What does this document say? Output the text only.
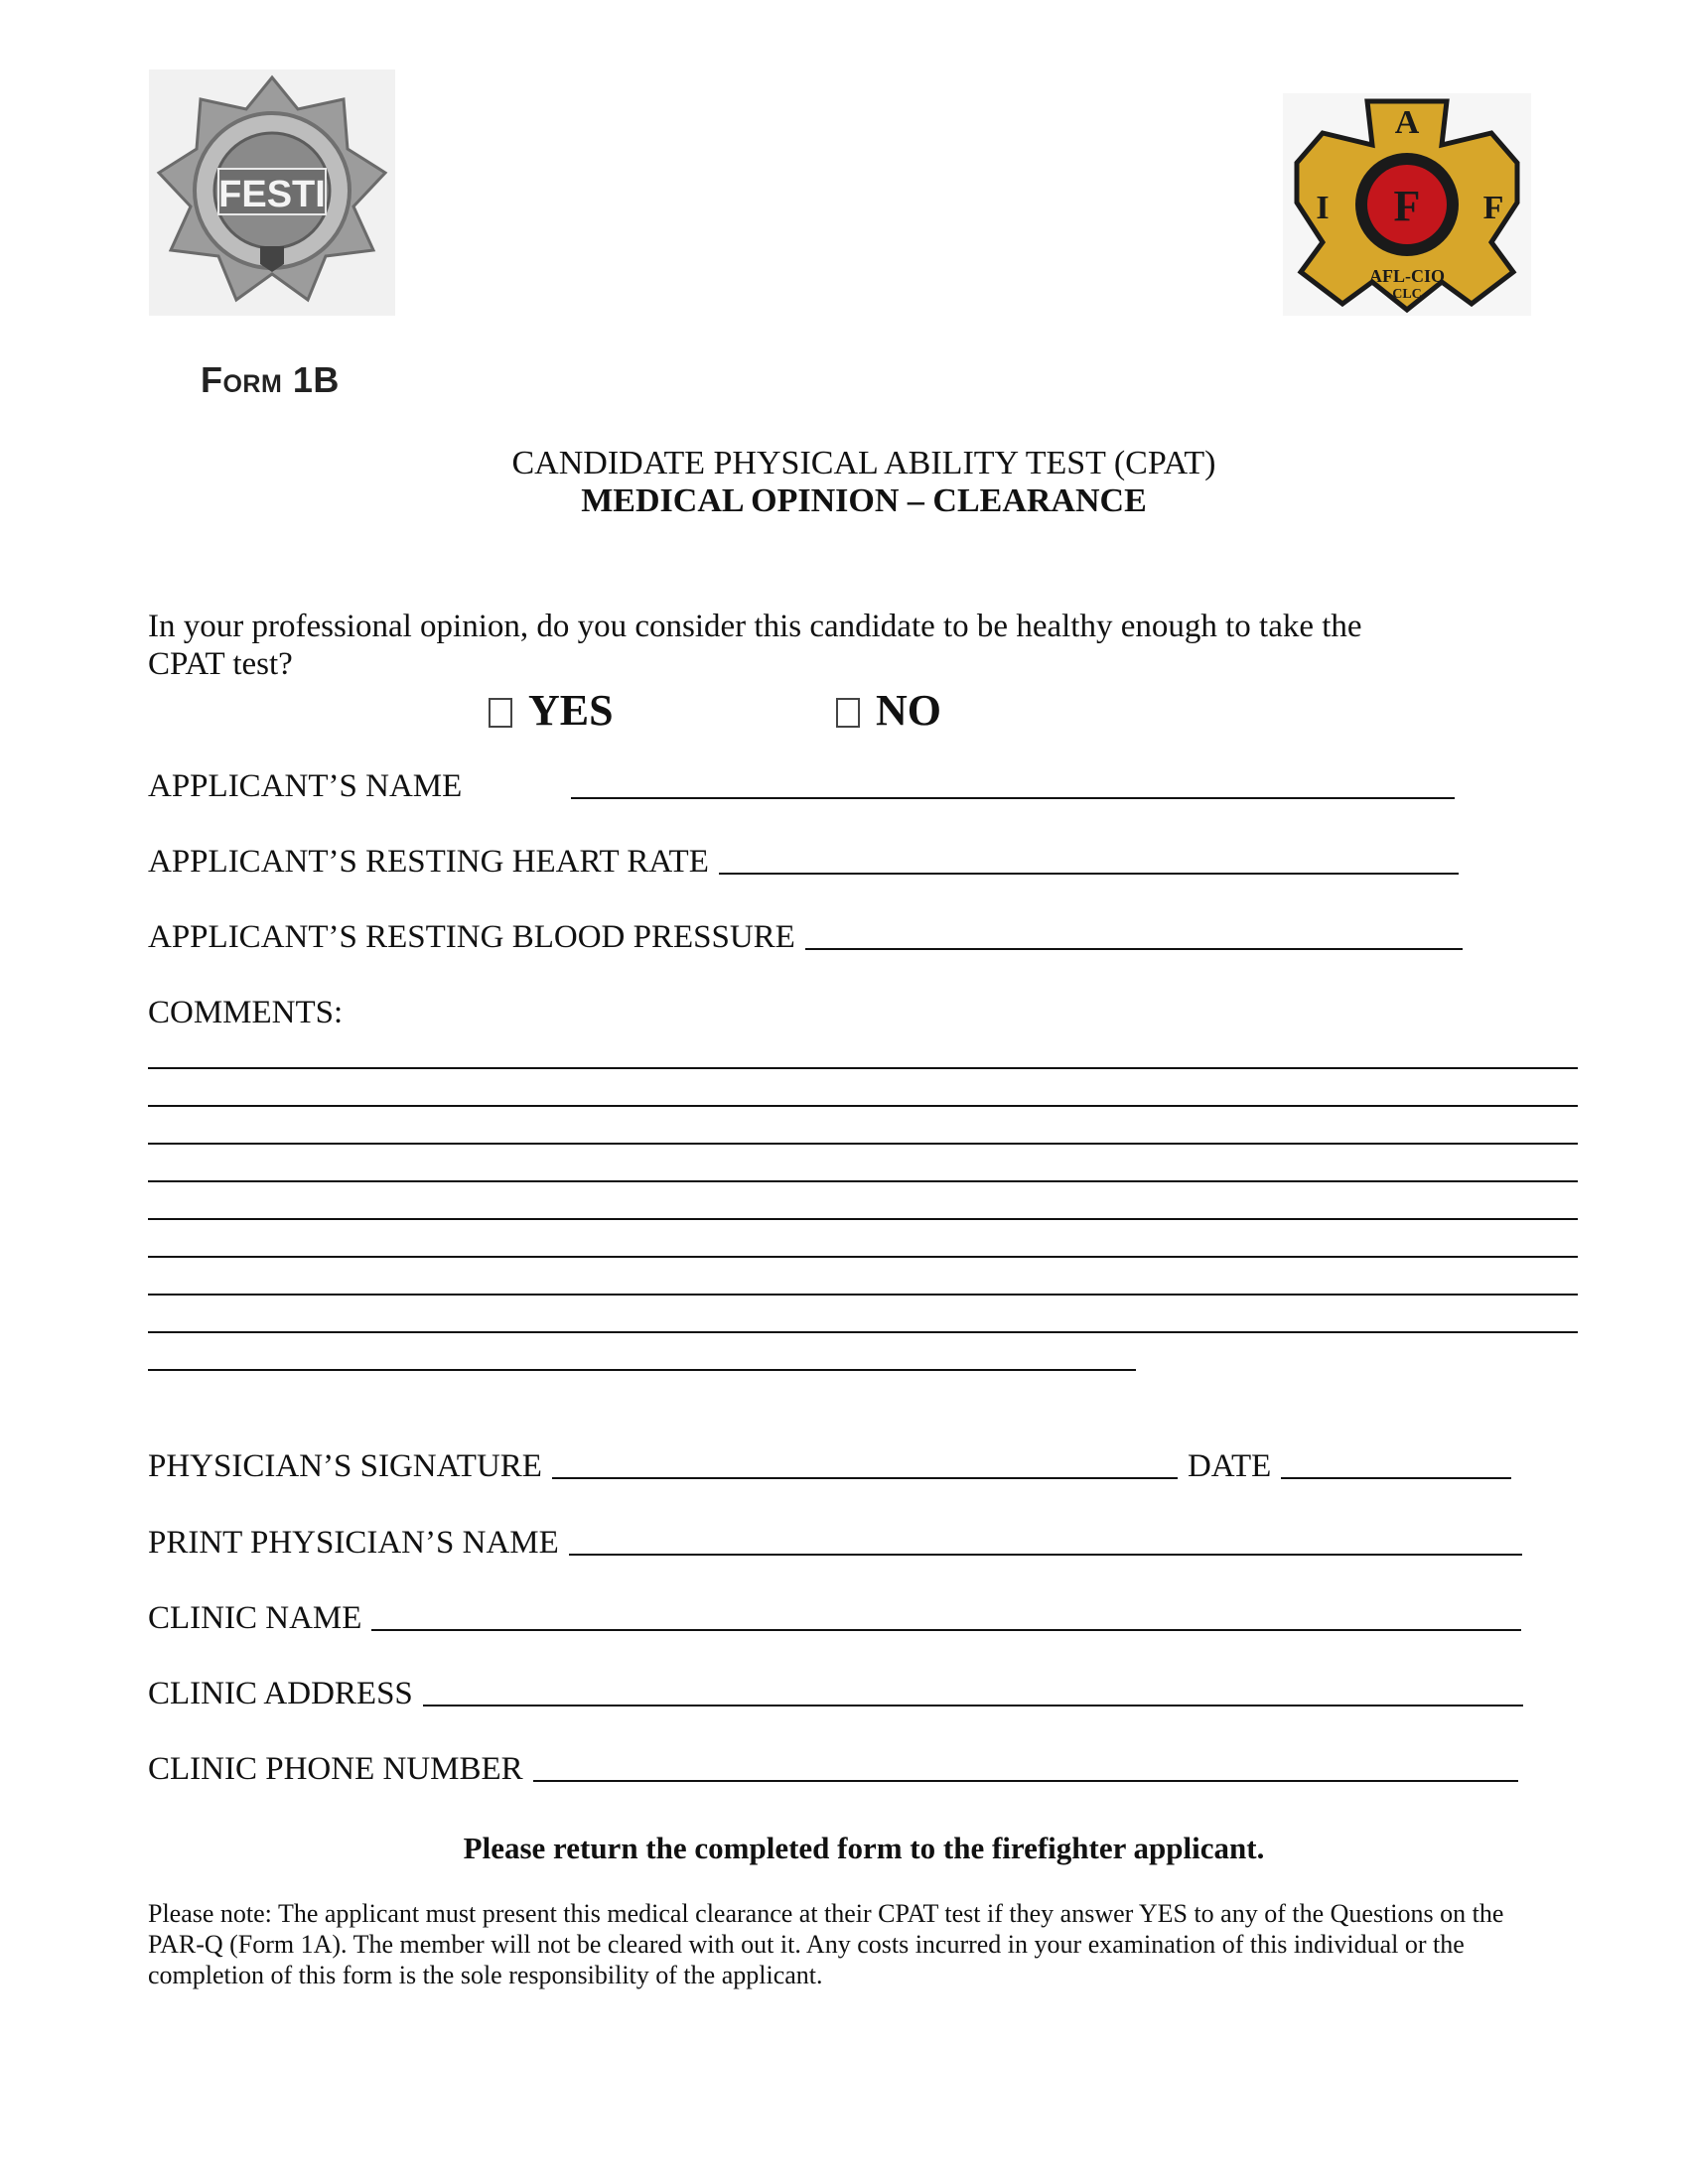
FESTI
A
I F F
AFL-CIO
CLC
Form 1B
CANDIDATE PHYSICAL ABILITY TEST (CPAT)
MEDICAL OPINION – CLEARANCE
In your professional opinion, do you consider this candidate to be healthy enough to take the CPAT test?
YES	NO
APPLICANT’S NAME
APPLICANT’S RESTING HEART RATE
APPLICANT’S RESTING BLOOD PRESSURE
COMMENTS:
PHYSICIAN’S SIGNATURE	DATE
PRINT PHYSICIAN’S NAME
CLINIC NAME
CLINIC ADDRESS
CLINIC PHONE NUMBER
Please return the completed form to the firefighter applicant.
Please note: The applicant must present this medical clearance at their CPAT test if they answer YES to any of the Questions on the PAR-Q (Form 1A). The member will not be cleared with out it. Any costs incurred in your examination of this individual or the completion of this form is the sole responsibility of the applicant.
